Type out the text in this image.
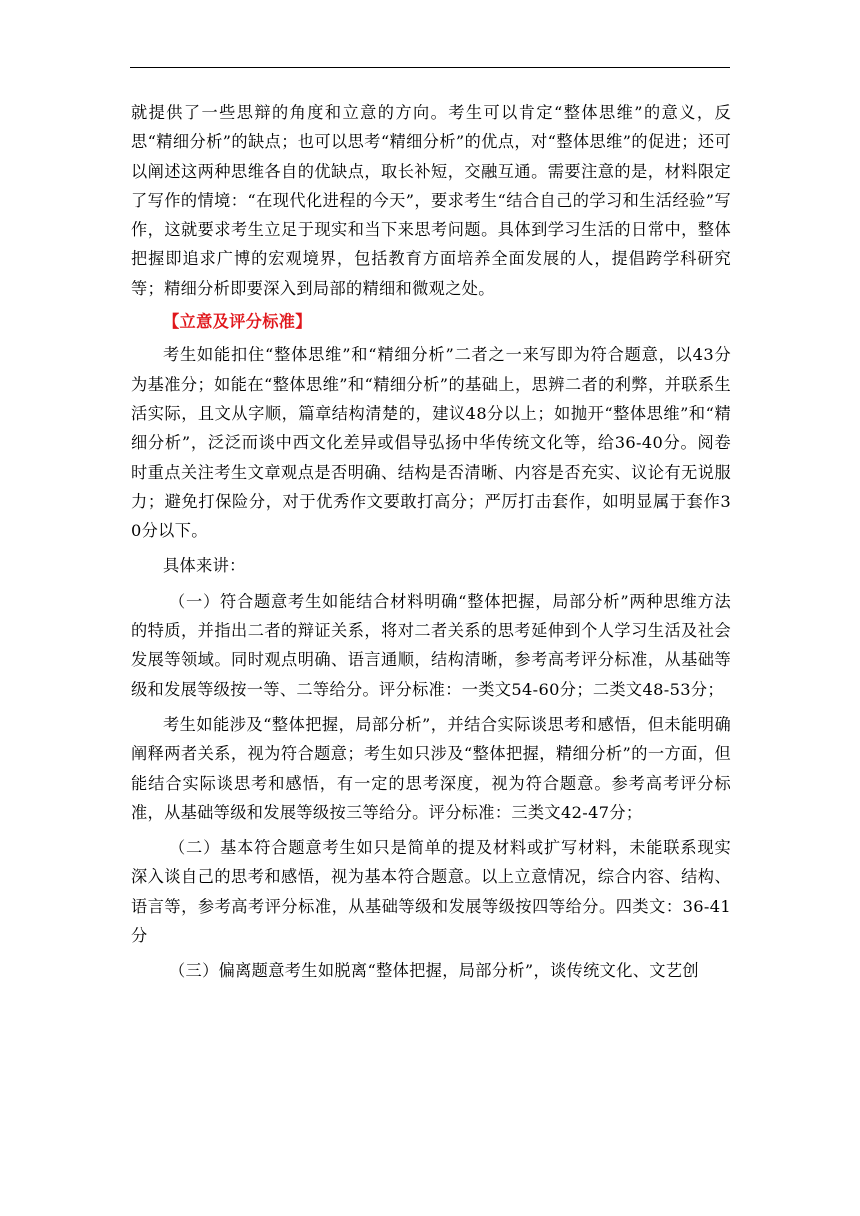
就提供了一些思辩的角度和立意的方向。考生可以肯定“整体思维”的意义，反思“精细分析”的缺点；也可以思考“精细分析”的优点，对“整体思维”的促进；还可以阐述这两种思维各自的优缺点，取长补短，交融互通。需要注意的是，材料限定了写作的情境：“在现代化进程的今天”，要求考生“结合自己的学习和生活经验”写作，这就要求考生立足于现实和当下来思考问题。具体到学习生活的日常中，整体把握即追求广博的宏观境界，包括教育方面培养全面发展的人，提倡跨学科研究等；精细分析即要深入到局部的精细和微观之处。

【立意及评分标准】

考生如能扣住“整体思维”和“精细分析”二者之一来写即为符合题意，以43分为基准分；如能在“整体思维”和“精细分析”的基础上，思辨二者的利弊，并联系生活实际，且文从字顺，篇章结构清楚的，建议48分以上；如抛开“整体思维”和“精细分析”，泛泛而谈中西文化差异或倡导弘扬中华传统文化等，给36-40分。阅卷时重点关注考生文章观点是否明确、结构是否清晰、内容是否充实、议论有无说服力；避免打保险分，对于优秀作文要敢打高分；严厉打击套作，如明显属于套作30分以下。

具体来讲：

（一）符合题意考生如能结合材料明确“整体把握，局部分析”两种思维方法的特质，并指出二者的辩证关系，将对二者关系的思考延伸到个人学习生活及社会发展等领域。同时观点明确、语言通顺，结构清晰，参考高考评分标准，从基础等级和发展等级按一等、二等给分。评分标准：一类文54-60分；二类文48-53分；

考生如能涉及“整体把握，局部分析”，并结合实际谈思考和感悟，但未能明确阐释两者关系，视为符合题意；考生如只涉及“整体把握，精细分析”的一方面，但能结合实际谈思考和感悟，有一定的思考深度，视为符合题意。参考高考评分标准，从基础等级和发展等级按三等给分。评分标准：三类文42-47分；

（二）基本符合题意考生如只是简单的提及材料或扩写材料，未能联系现实深入谈自己的思考和感悟，视为基本符合题意。以上立意情况，综合内容、结构、语言等，参考高考评分标准，从基础等级和发展等级按四等给分。四类文：36-41分

（三）偏离题意考生如脱离“整体把握，局部分析”，谈传统文化、文艺创
